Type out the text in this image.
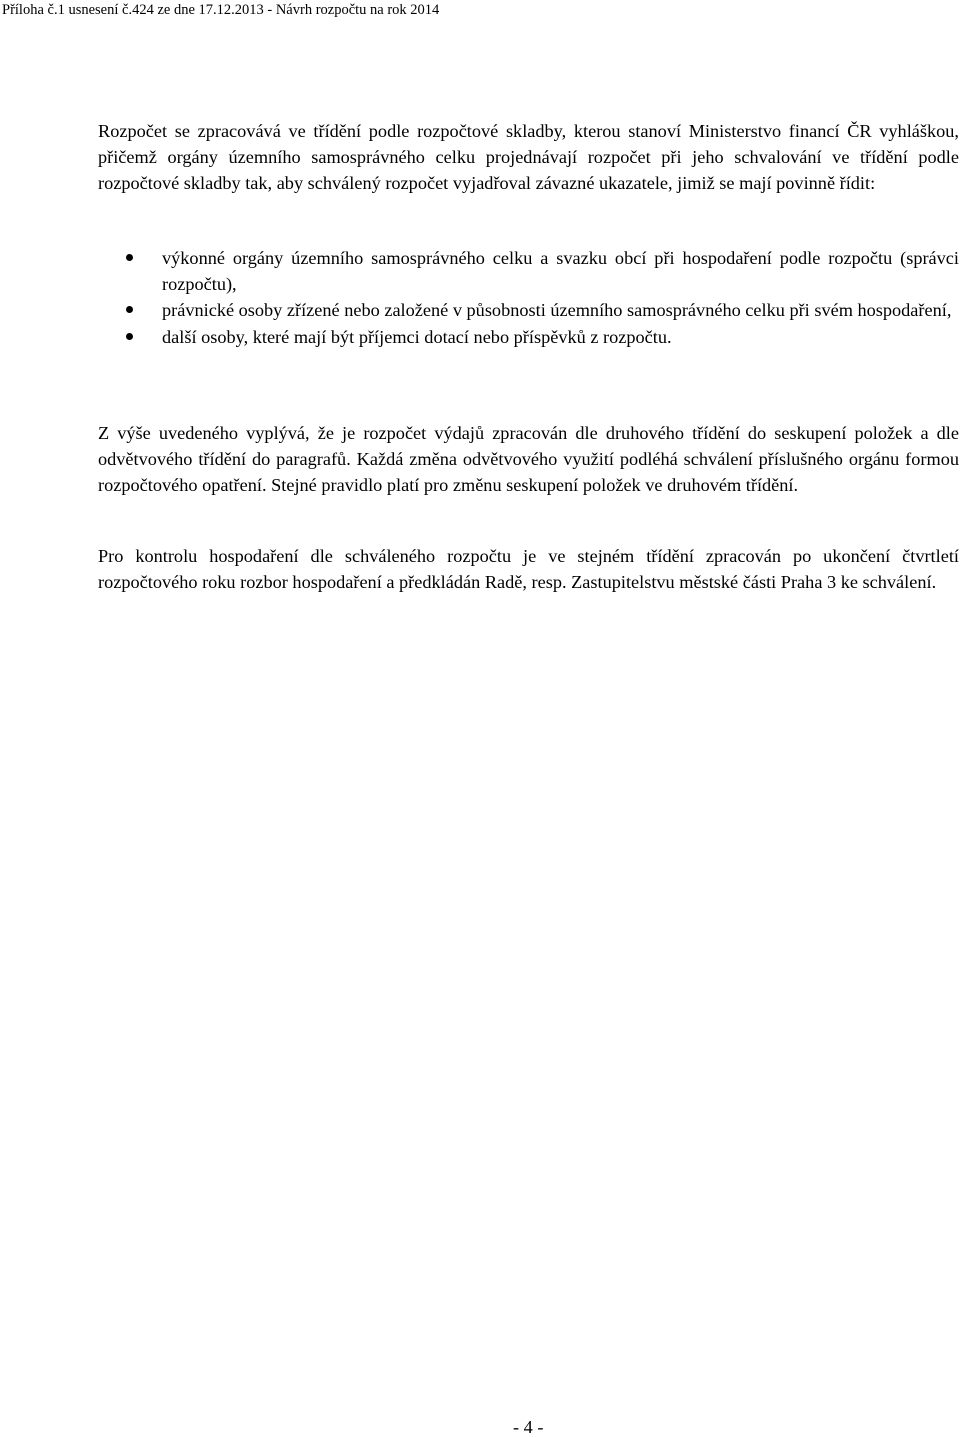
Příloha č.1 usnesení č.424 ze dne 17.12.2013 - Návrh rozpočtu na rok 2014
Rozpočet se zpracovává ve třídění podle rozpočtové skladby, kterou stanoví Ministerstvo financí ČR vyhláškou, přičemž orgány územního samosprávného celku projednávají rozpočet při jeho schvalování ve třídění podle rozpočtové skladby tak, aby schválený rozpočet vyjadřoval závazné ukazatele, jimiž se mají povinně řídit:
výkonné orgány územního samosprávného celku a svazku obcí při hospodaření podle rozpočtu (správci rozpočtu),
právnické osoby zřízené nebo založené v působnosti územního samosprávného celku při svém hospodaření,
další osoby, které mají být příjemci dotací nebo příspěvků z rozpočtu.
Z výše uvedeného vyplývá, že je rozpočet výdajů zpracován dle druhového třídění do seskupení položek a dle odvětvového třídění do paragrafů. Každá změna odvětvového využití podléhá schválení příslušného orgánu formou rozpočtového opatření. Stejné pravidlo platí pro změnu seskupení položek ve druhovém třídění.
Pro kontrolu hospodaření dle schváleného rozpočtu je ve stejném třídění zpracován po ukončení čtvrtletí rozpočtového roku rozbor hospodaření a předkládán Radě, resp. Zastupitelstvu městské části Praha 3 ke schválení.
- 4 -
